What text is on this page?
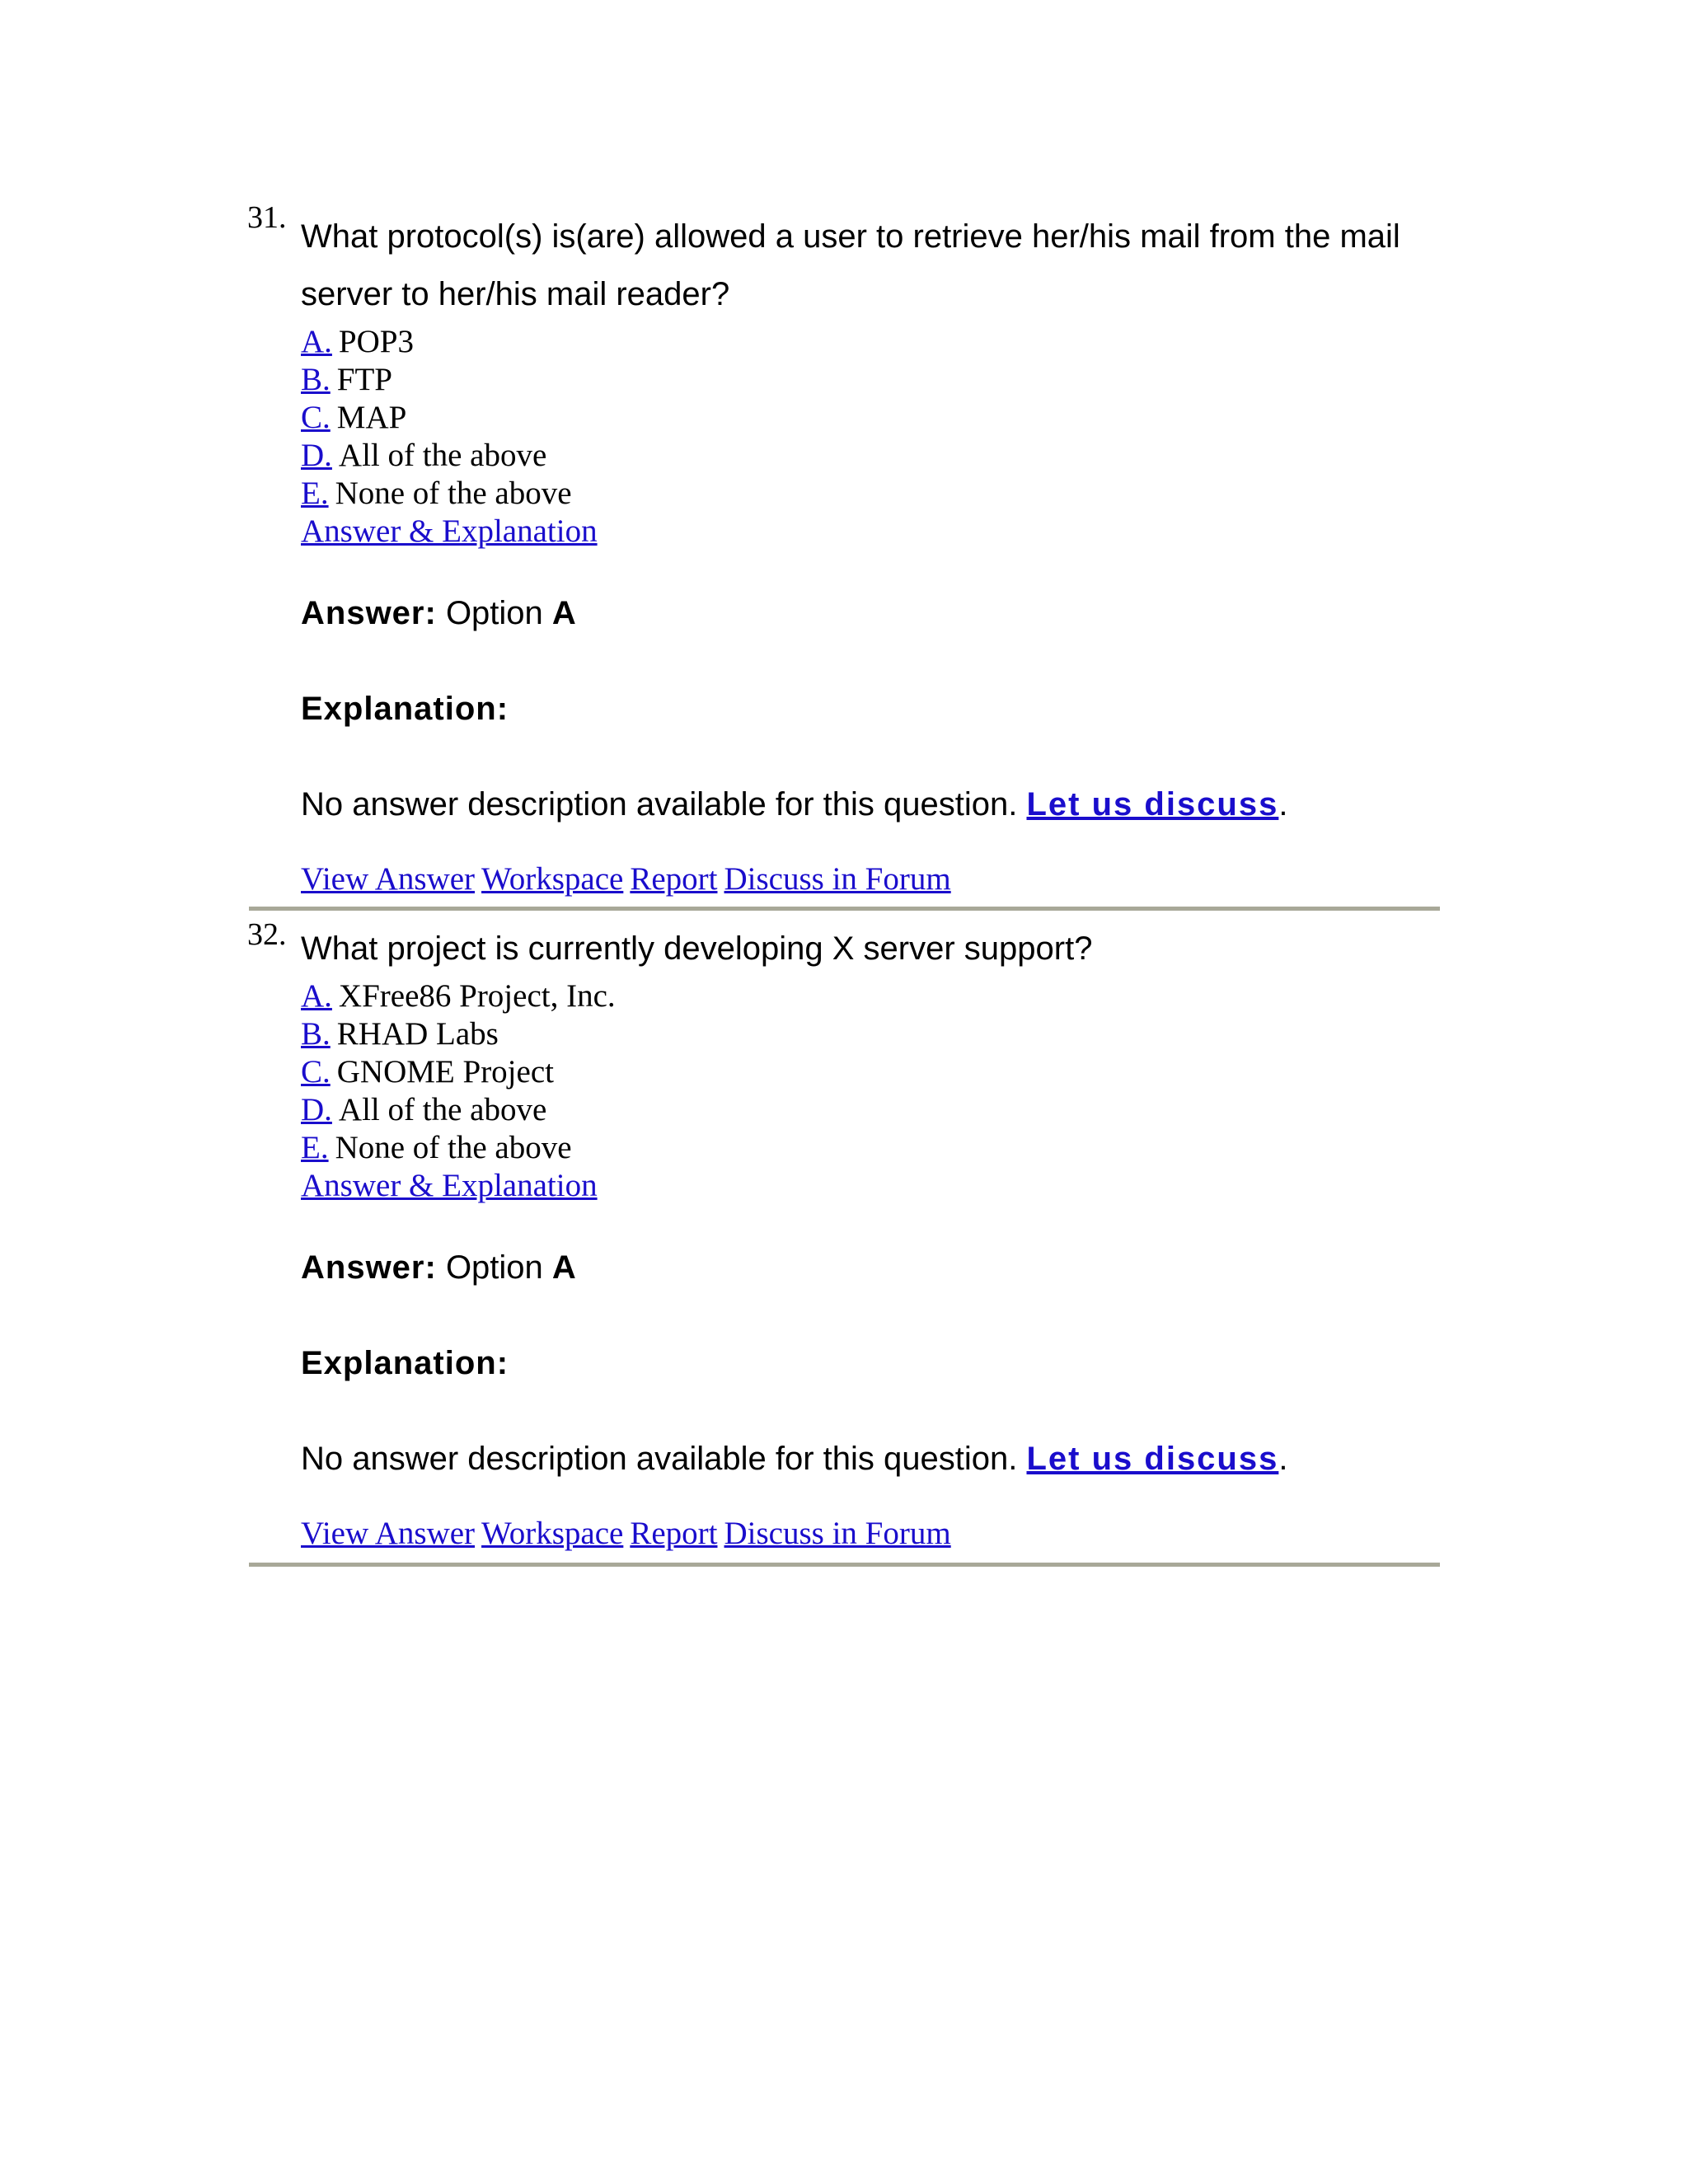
31.
What protocol(s) is(are) allowed a user to retrieve her/his mail from the mail
server to her/his mail reader?
A. POP3
B. FTP
C. MAP
D. All of the above
E. None of the above
Answer & Explanation
Answer: Option A
Explanation:
No answer description available for this question. Let us discuss.
View Answer Workspace Report Discuss in Forum
32. What project is currently developing X server support?
A. XFree86 Project, Inc.
B. RHAD Labs
C. GNOME Project
D. All of the above
E. None of the above
Answer & Explanation
Answer: Option A
Explanation:
No answer description available for this question. Let us discuss.
View Answer Workspace Report Discuss in Forum
